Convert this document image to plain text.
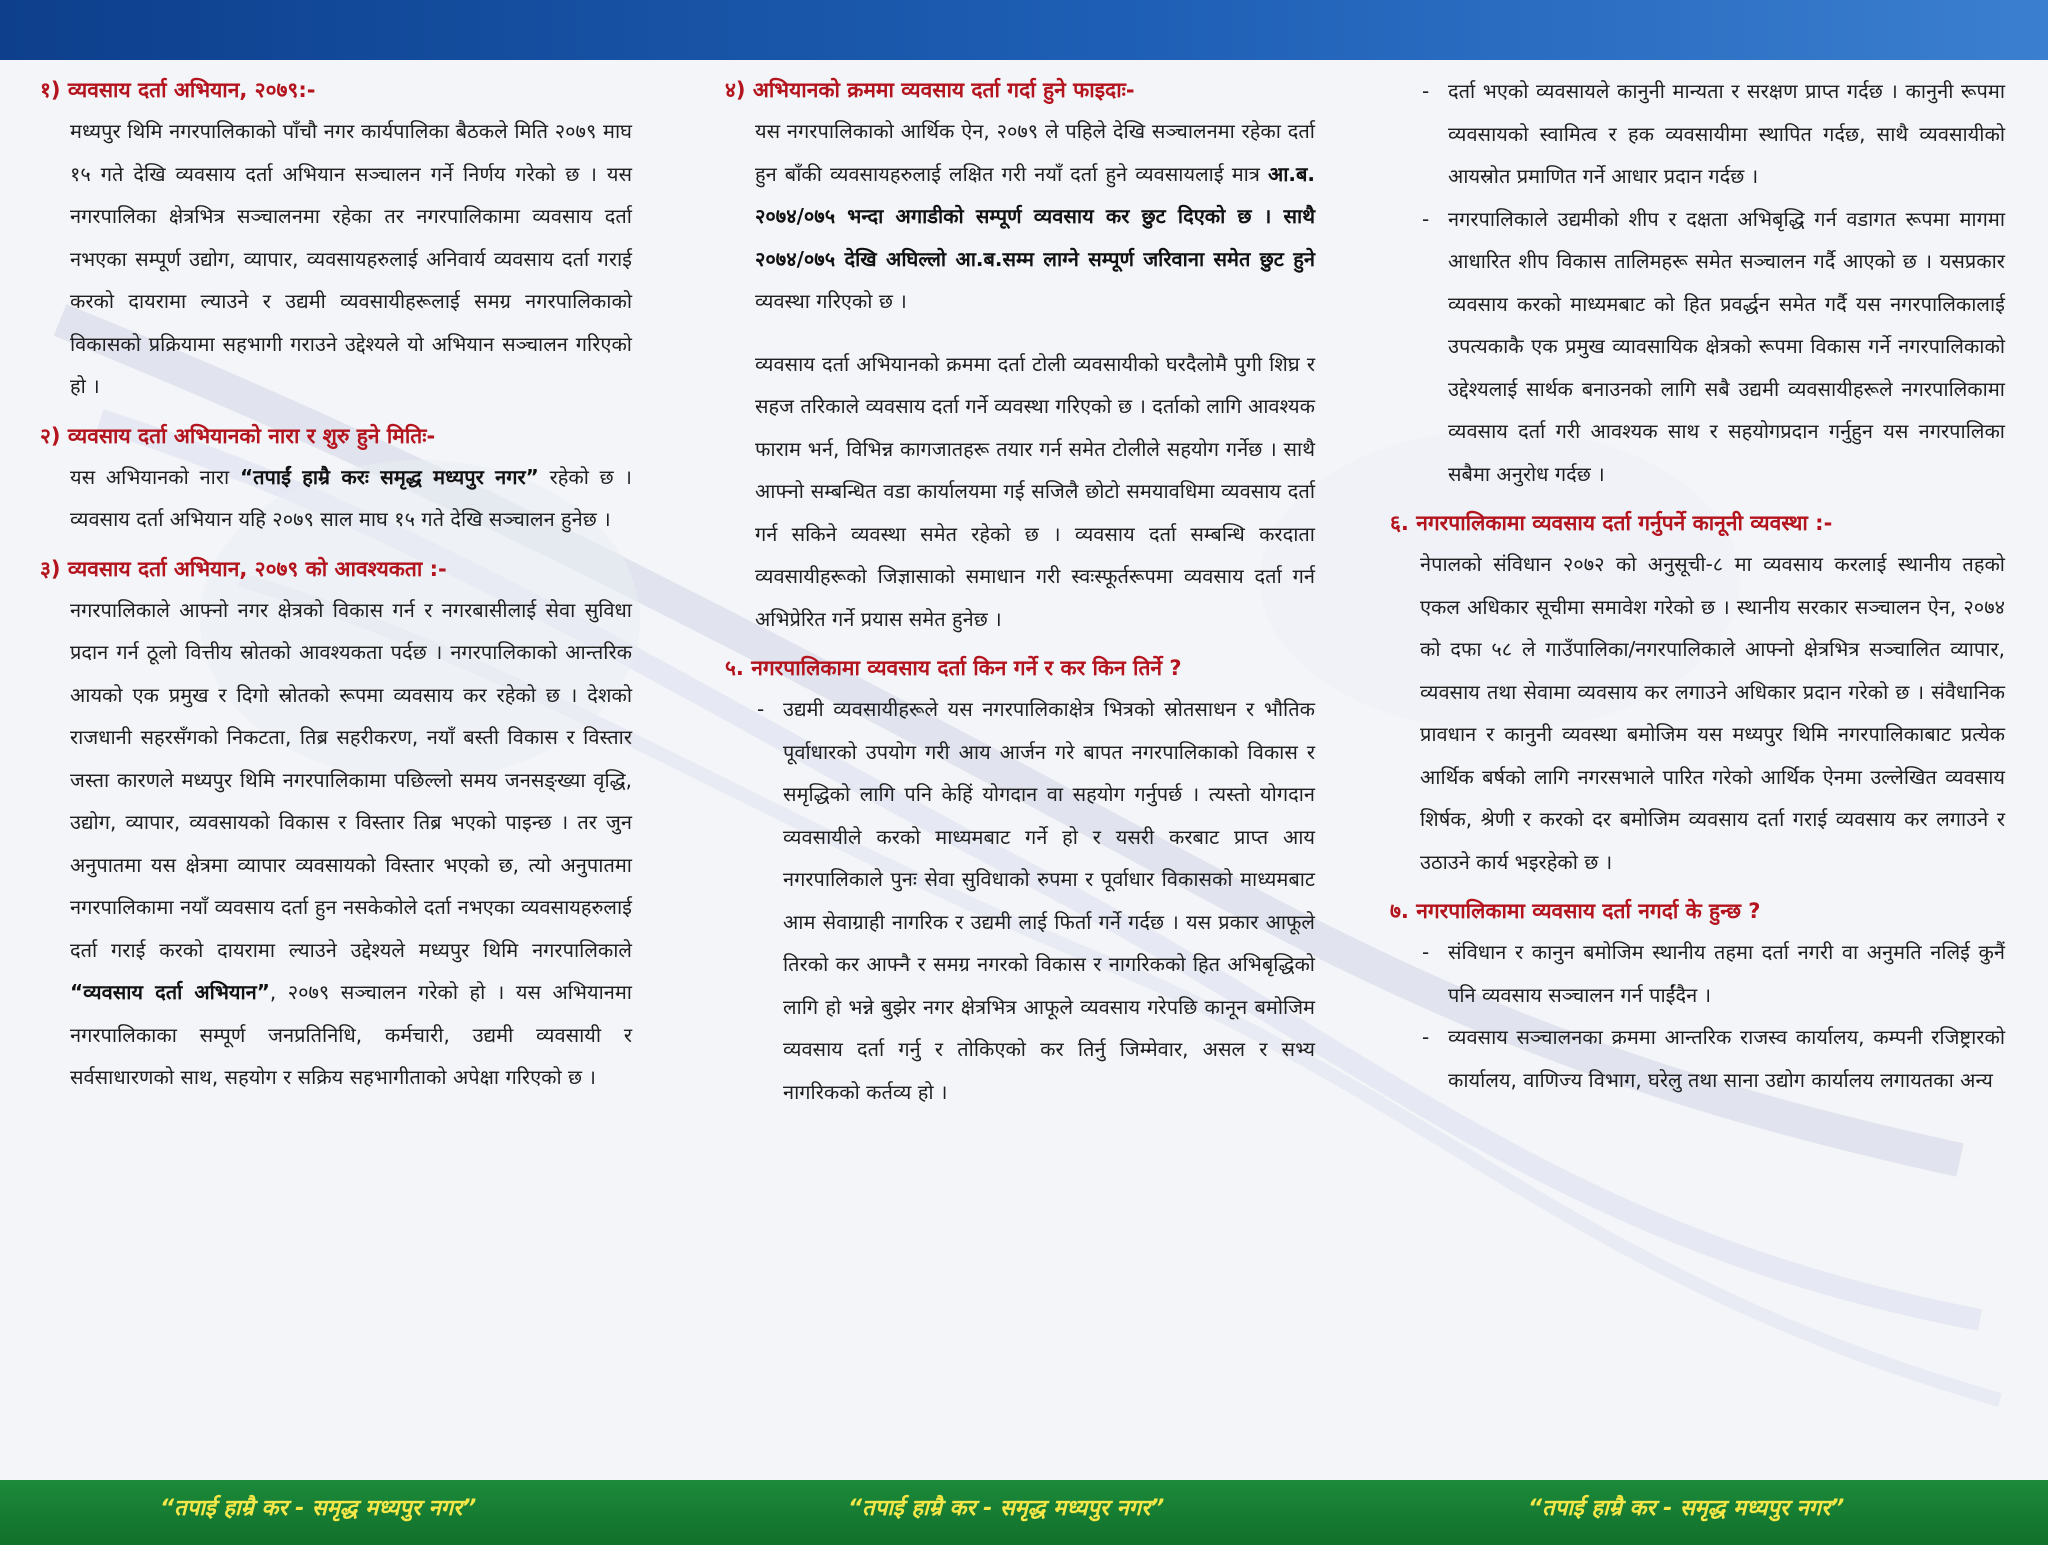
१) व्यवसाय दर्ता अभियान, २०७९:-

मध्यपुर थिमि नगरपालिकाको पाँचौ नगर कार्यपालिका बैठकले मिति २०७९ माघ १५ गते देखि व्यवसाय दर्ता अभियान सञ्चालन गर्ने निर्णय गरेको छ । यस नगरपालिका क्षेत्रभित्र सञ्चालनमा रहेका तर नगरपालिकामा व्यवसाय दर्ता नभएका सम्पूर्ण उद्योग, व्यापार, व्यवसायहरुलाई अनिवार्य व्यवसाय दर्ता गराई करको दायरामा ल्याउने र उद्यमी व्यवसायीहरूलाई समग्र नगरपालिकाको विकासको प्रक्रियामा सहभागी गराउने उद्देश्यले यो अभियान सञ्चालन गरिएको हो ।

२) व्यवसाय दर्ता अभियानको नारा र शुरु हुने मितिः-

यस अभियानको नारा “तपाईं हाम्रै करः समृद्ध मध्यपुर नगर” रहेको छ । व्यवसाय दर्ता अभियान यहि २०७९ साल माघ १५ गते देखि सञ्चालन हुनेछ ।

३) व्यवसाय दर्ता अभियान, २०७९ को आवश्यकता :-

नगरपालिकाले आफ्नो नगर क्षेत्रको विकास गर्न र नगरबासीलाई सेवा सुविधा प्रदान गर्न ठूलो वित्तीय स्रोतको आवश्यकता पर्दछ । नगरपालिकाको आन्तरिक आयको एक प्रमुख र दिगो स्रोतको रूपमा व्यवसाय कर रहेको छ । देशको राजधानी सहरसँगको निकटता, तिब्र सहरीकरण, नयाँ बस्ती विकास र विस्तार जस्ता कारणले मध्यपुर थिमि नगरपालिकामा पछिल्लो समय जनसङ्ख्या वृद्धि, उद्योग, व्यापार, व्यवसायको विकास र विस्तार तिब्र भएको पाइन्छ । तर जुन अनुपातमा यस क्षेत्रमा व्यापार व्यवसायको विस्तार भएको छ, त्यो अनुपातमा नगरपालिकामा नयाँ व्यवसाय दर्ता हुन नसकेकोले दर्ता नभएका व्यवसायहरुलाई दर्ता गराई करको दायरामा ल्याउने उद्देश्यले मध्यपुर थिमि नगरपालिकाले “व्यवसाय दर्ता अभियान”, २०७९ सञ्चालन गरेको हो । यस अभियानमा नगरपालिकाका सम्पूर्ण जनप्रतिनिधि, कर्मचारी, उद्यमी व्यवसायी र सर्वसाधारणको साथ, सहयोग र सक्रिय सहभागीताको अपेक्षा गरिएको छ ।

४) अभियानको क्रममा व्यवसाय दर्ता गर्दा हुने फाइदाः-

यस नगरपालिकाको आर्थिक ऐन, २०७९ ले पहिले देखि सञ्चालनमा रहेका दर्ता हुन बाँकी व्यवसायहरुलाई लक्षित गरी नयाँ दर्ता हुने व्यवसायलाई मात्र आ.ब. २०७४/०७५ भन्दा अगाडीको सम्पूर्ण व्यवसाय कर छुट दिएको छ । साथै २०७४/०७५ देखि अघिल्लो आ.ब.सम्म लाग्ने सम्पूर्ण जरिवाना समेत छुट हुने व्यवस्था गरिएको छ ।

व्यवसाय दर्ता अभियानको क्रममा दर्ता टोली व्यवसायीको घरदैलोमै पुगी शिघ्र र सहज तरिकाले व्यवसाय दर्ता गर्ने व्यवस्था गरिएको छ । दर्ताको लागि आवश्यक फाराम भर्न, विभिन्न कागजातहरू तयार गर्न समेत टोलीले सहयोग गर्नेछ । साथै आफ्नो सम्बन्धित वडा कार्यालयमा गई सजिलै छोटो समयावधिमा व्यवसाय दर्ता गर्न सकिने व्यवस्था समेत रहेको छ । व्यवसाय दर्ता सम्बन्धि करदाता व्यवसायीहरूको जिज्ञासाको समाधान गरी स्वःस्फूर्तरूपमा व्यवसाय दर्ता गर्न अभिप्रेरित गर्ने प्रयास समेत हुनेछ ।

५. नगरपालिकामा व्यवसाय दर्ता किन गर्ने र कर किन तिर्ने ?

- उद्यमी व्यवसायीहरूले यस नगरपालिकाक्षेत्र भित्रको स्रोतसाधन र भौतिक पूर्वाधारको उपयोग गरी आय आर्जन गरे बापत नगरपालिकाको विकास र समृद्धिको लागि पनि केहिं योगदान वा सहयोग गर्नुपर्छ । त्यस्तो योगदान व्यवसायीले करको माध्यमबाट गर्ने हो र यसरी करबाट प्राप्त आय नगरपालिकाले पुनः सेवा सुविधाको रुपमा र पूर्वाधार विकासको माध्यमबाट आम सेवाग्राही नागरिक र उद्यमी लाई फिर्ता गर्ने गर्दछ । यस प्रकार आफूले तिरको कर आफ्नै र समग्र नगरको विकास र नागरिकको हित अभिबृद्धिको लागि हो भन्ने बुझेर नगर क्षेत्रभित्र आफूले व्यवसाय गरेपछि कानून बमोजिम व्यवसाय दर्ता गर्नु र तोकिएको कर तिर्नु जिम्मेवार, असल र सभ्य नागरिकको कर्तव्य हो ।

- दर्ता भएको व्यवसायले कानुनी मान्यता र सरक्षण प्राप्त गर्दछ । कानुनी रूपमा व्यवसायको स्वामित्व र हक व्यवसायीमा स्थापित गर्दछ, साथै व्यवसायीको आयस्रोत प्रमाणित गर्ने आधार प्रदान गर्दछ ।

- नगरपालिकाले उद्यमीको शीप र दक्षता अभिबृद्धि गर्न वडागत रूपमा मागमा आधारित शीप विकास तालिमहरू समेत सञ्चालन गर्दै आएको छ । यसप्रकार व्यवसाय करको माध्यमबाट को हित प्रवर्द्धन समेत गर्दै यस नगरपालिकालाई उपत्यकाकै एक प्रमुख व्यावसायिक क्षेत्रको रूपमा विकास गर्ने नगरपालिकाको उद्देश्यलाई सार्थक बनाउनको लागि सबै उद्यमी व्यवसायीहरूले नगरपालिकामा व्यवसाय दर्ता गरी आवश्यक साथ र सहयोगप्रदान गर्नुहुन यस नगरपालिका सबैमा अनुरोध गर्दछ ।

६. नगरपालिकामा व्यवसाय दर्ता गर्नुपर्ने कानूनी व्यवस्था :-

नेपालको संविधान २०७२ को अनुसूची-८ मा व्यवसाय करलाई स्थानीय तहको एकल अधिकार सूचीमा समावेश गरेको छ । स्थानीय सरकार सञ्चालन ऐन, २०७४ को दफा ५८ ले गाउँपालिका/नगरपालिकाले आफ्नो क्षेत्रभित्र सञ्चालित व्यापार, व्यवसाय तथा सेवामा व्यवसाय कर लगाउने अधिकार प्रदान गरेको छ । संवैधानिक प्रावधान र कानुनी व्यवस्था बमोजिम यस मध्यपुर थिमि नगरपालिकाबाट प्रत्येक आर्थिक बर्षको लागि नगरसभाले पारित गरेको आर्थिक ऐनमा उल्लेखित व्यवसाय शिर्षक, श्रेणी र करको दर बमोजिम व्यवसाय दर्ता गराई व्यवसाय कर लगाउने र उठाउने कार्य भइरहेको छ ।

७. नगरपालिकामा व्यवसाय दर्ता नगर्दा के हुन्छ ?

- संविधान र कानुन बमोजिम स्थानीय तहमा दर्ता नगरी वा अनुमति नलिई कुनैं पनि व्यवसाय सञ्चालन गर्न पाईंदैन ।

- व्यवसाय सञ्चालनका क्रममा आन्तरिक राजस्व कार्यालय, कम्पनी रजिष्ट्रारको कार्यालय, वाणिज्य विभाग, घरेलु तथा साना उद्योग कार्यालय लगायतका अन्य

“तपाई हाम्रै कर - समृद्ध मध्यपुर नगर”	“तपाई हाम्रै कर - समृद्ध मध्यपुर नगर”	“तपाई हाम्रै कर - समृद्ध मध्यपुर नगर”
